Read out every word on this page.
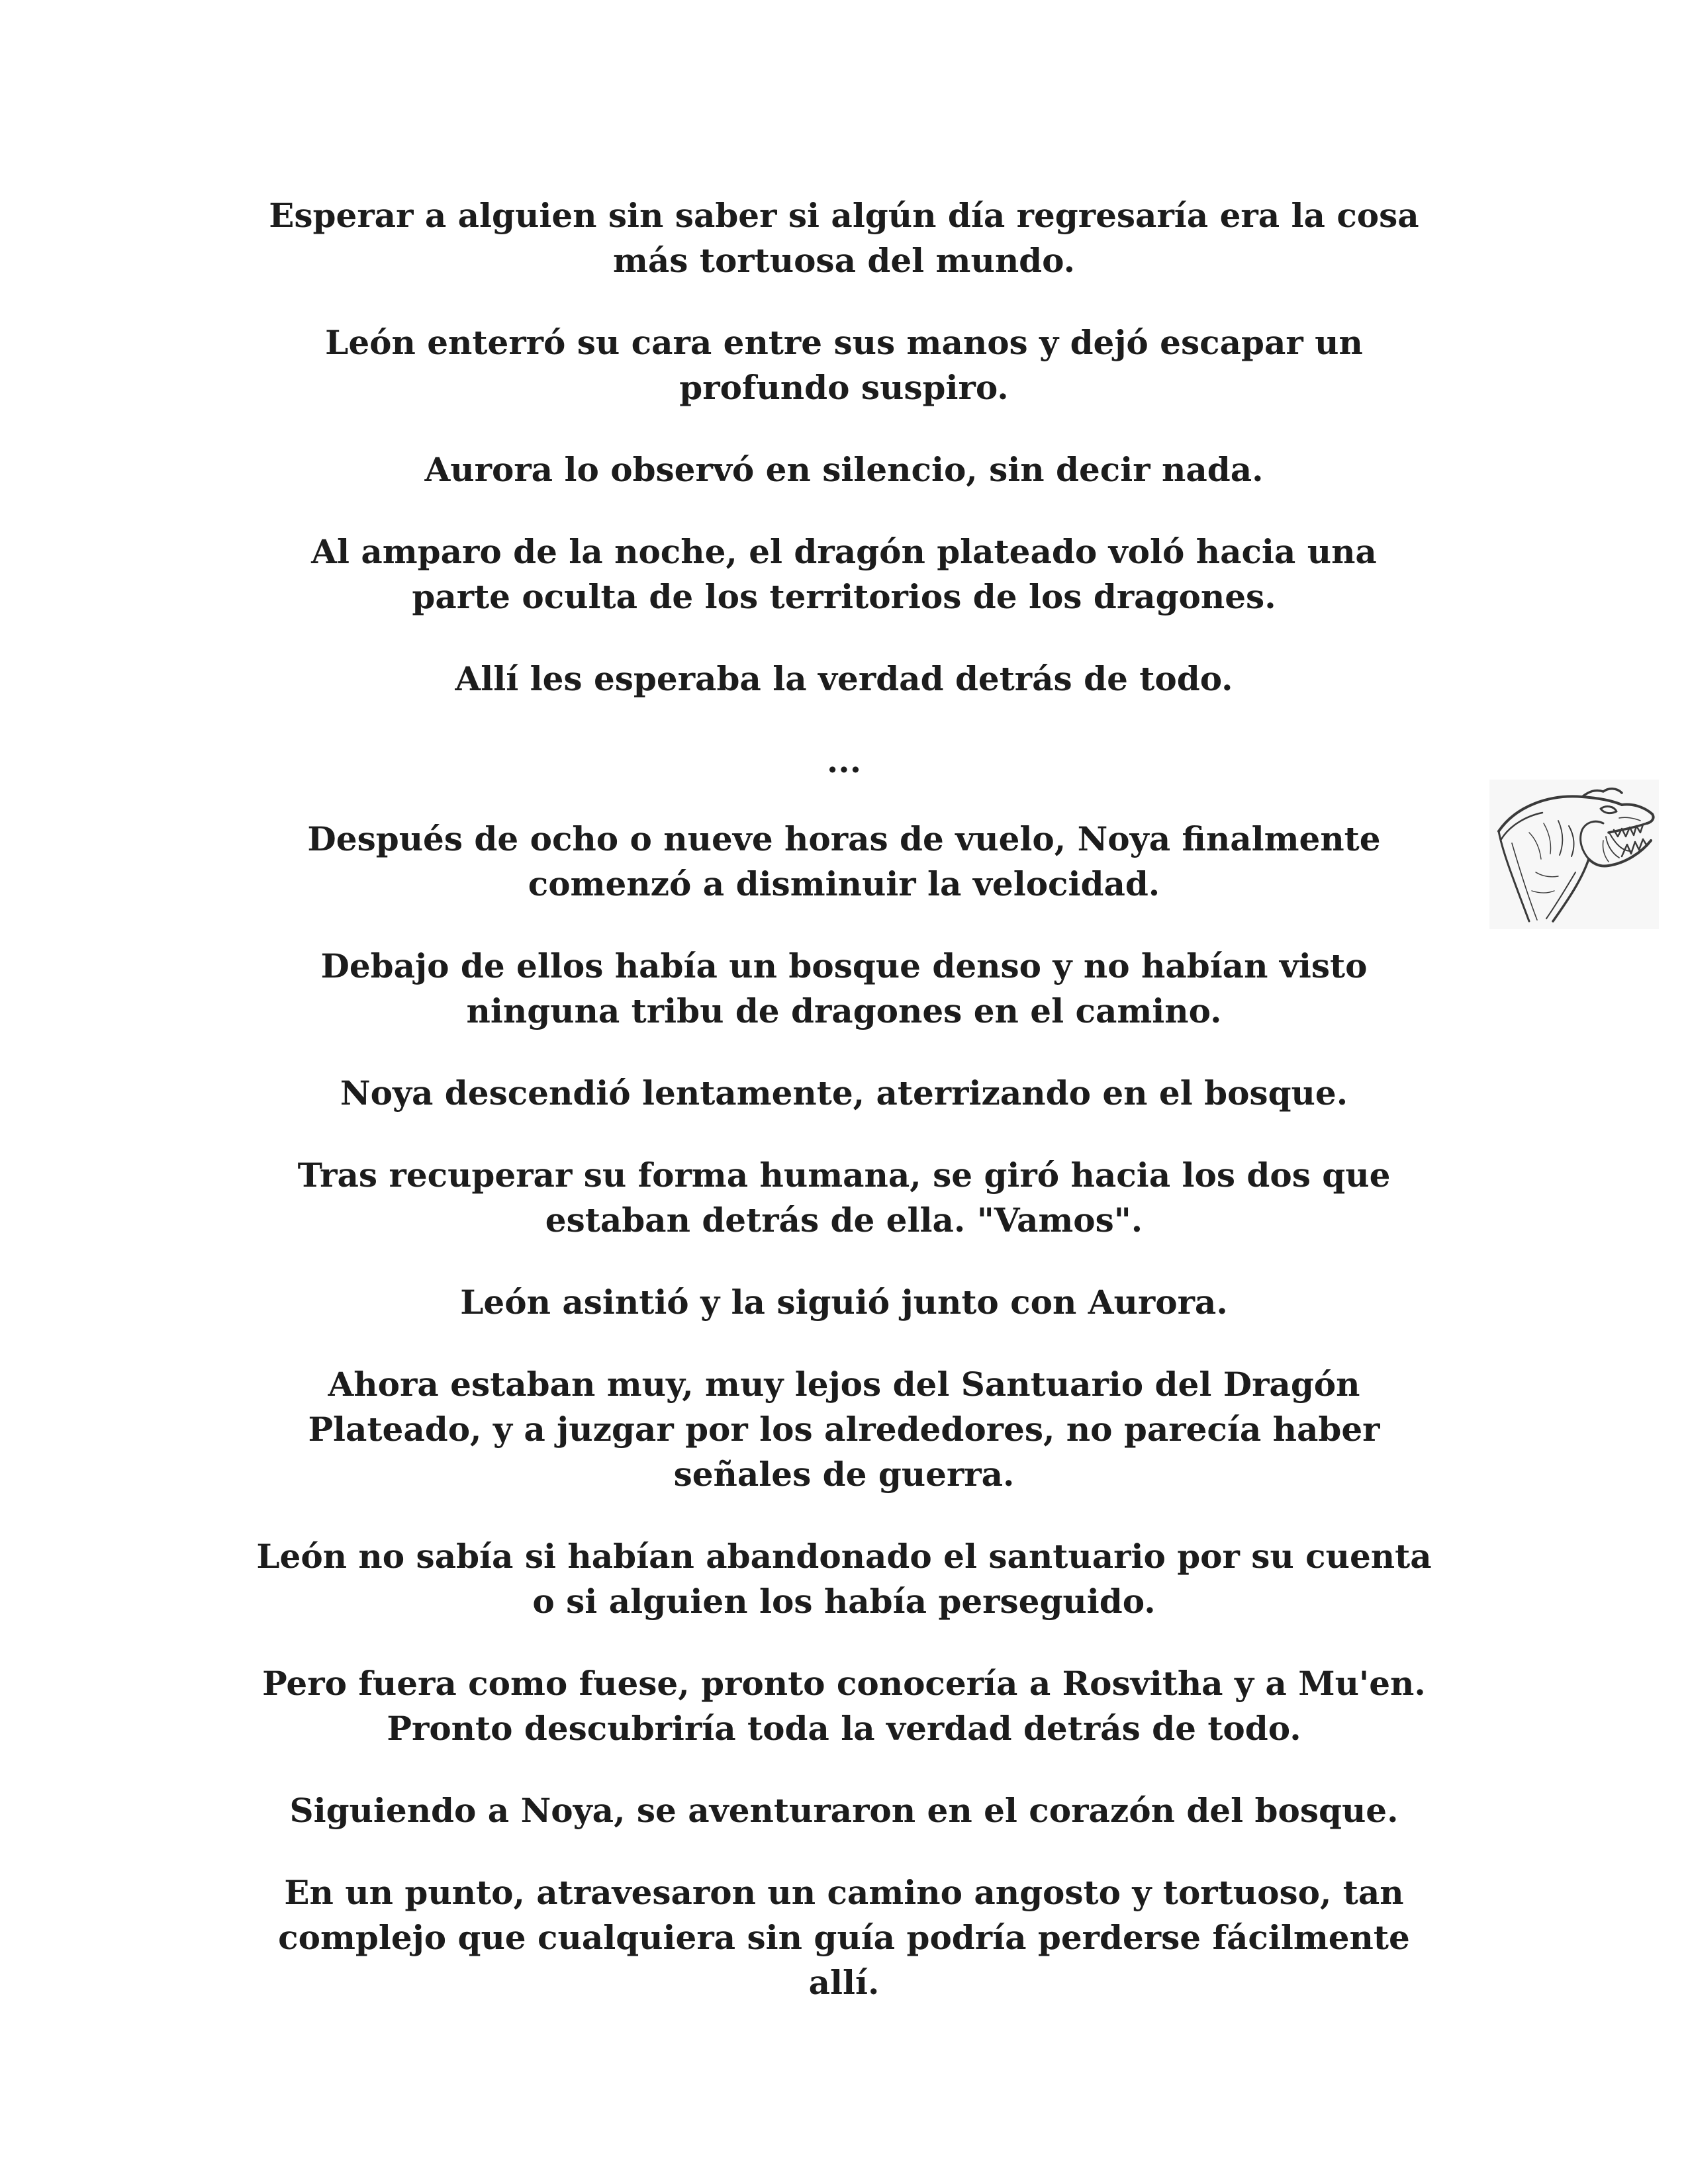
Esperar a alguien sin saber si algún día regresaría era la cosa
más tortuosa del mundo.

León enterró su cara entre sus manos y dejó escapar un
profundo suspiro.

Aurora lo observó en silencio, sin decir nada.

Al amparo de la noche, el dragón plateado voló hacia una
parte oculta de los territorios de los dragones.

Allí les esperaba la verdad detrás de todo.

...

Después de ocho o nueve horas de vuelo, Noya finalmente
comenzó a disminuir la velocidad.

Debajo de ellos había un bosque denso y no habían visto
ninguna tribu de dragones en el camino.

Noya descendió lentamente, aterrizando en el bosque.

Tras recuperar su forma humana, se giró hacia los dos que
estaban detrás de ella. "Vamos".

León asintió y la siguió junto con Aurora.

Ahora estaban muy, muy lejos del Santuario del Dragón
Plateado, y a juzgar por los alrededores, no parecía haber
señales de guerra.

León no sabía si habían abandonado el santuario por su cuenta
o si alguien los había perseguido.

Pero fuera como fuese, pronto conocería a Rosvitha y a Mu'en.
Pronto descubriría toda la verdad detrás de todo.

Siguiendo a Noya, se aventuraron en el corazón del bosque.

En un punto, atravesaron un camino angosto y tortuoso, tan
complejo que cualquiera sin guía podría perderse fácilmente
allí.
